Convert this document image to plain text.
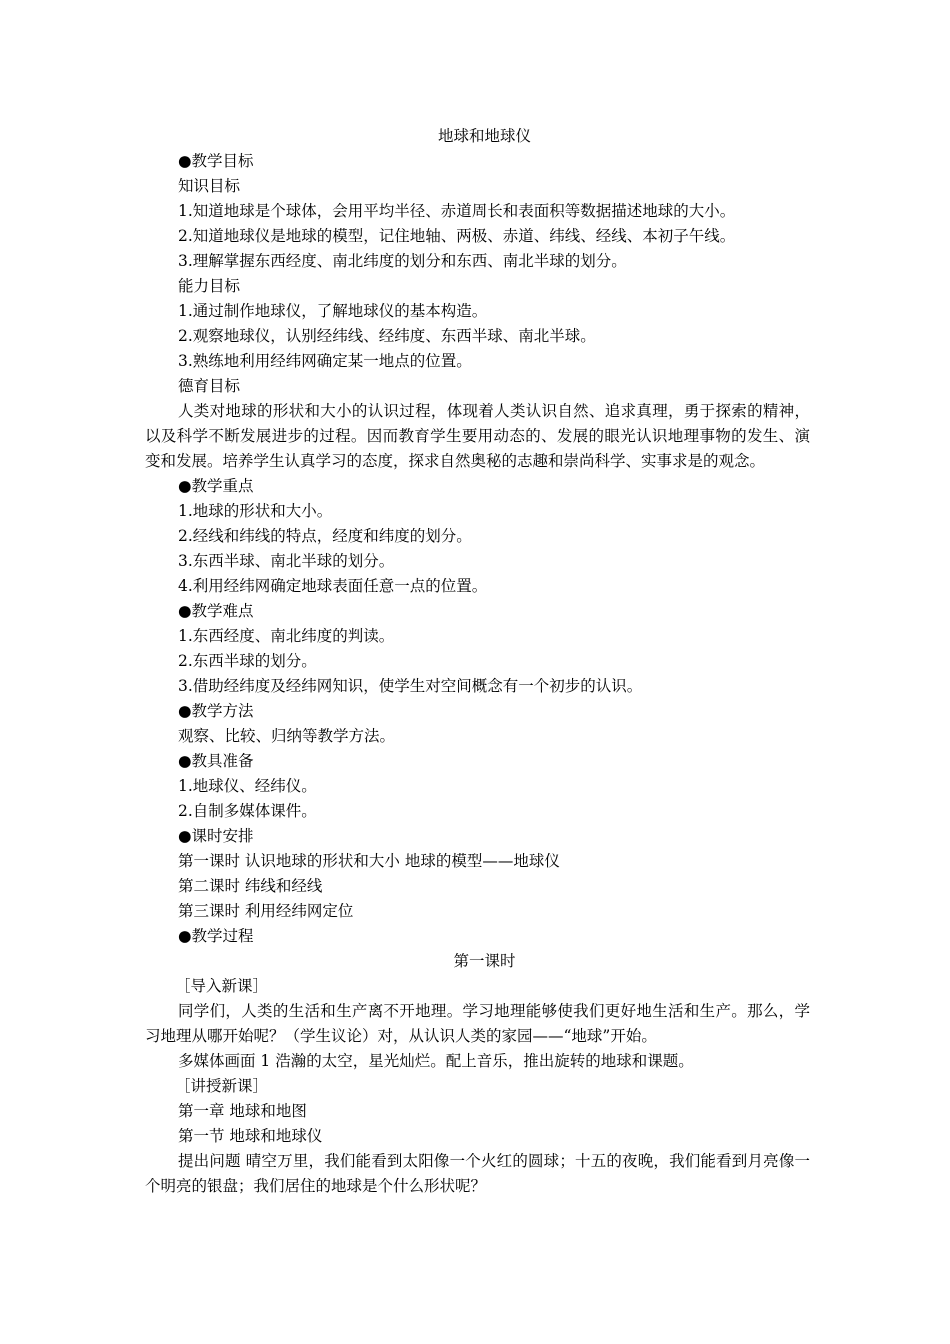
地球和地球仪
●教学目标
知识目标
1.知道地球是个球体，会用平均半径、赤道周长和表面积等数据描述地球的大小。
2.知道地球仪是地球的模型，记住地轴、两极、赤道、纬线、经线、本初子午线。
3.理解掌握东西经度、南北纬度的划分和东西、南北半球的划分。
能力目标
1.通过制作地球仪，了解地球仪的基本构造。
2.观察地球仪，认别经纬线、经纬度、东西半球、南北半球。
3.熟练地利用经纬网确定某一地点的位置。
德育目标
人类对地球的形状和大小的认识过程，体现着人类认识自然、追求真理，勇于探索的精神，以及科学不断发展进步的过程。因而教育学生要用动态的、发展的眼光认识地理事物的发生、演变和发展。培养学生认真学习的态度，探求自然奥秘的志趣和崇尚科学、实事求是的观念。
●教学重点
1.地球的形状和大小。
2.经线和纬线的特点，经度和纬度的划分。
3.东西半球、南北半球的划分。
4.利用经纬网确定地球表面任意一点的位置。
●教学难点
1.东西经度、南北纬度的判读。
2.东西半球的划分。
3.借助经纬度及经纬网知识，使学生对空间概念有一个初步的认识。
●教学方法
观察、比较、归纳等教学方法。
●教具准备
1.地球仪、经纬仪。
2.自制多媒体课件。
●课时安排
第一课时 认识地球的形状和大小 地球的模型——地球仪
第二课时 纬线和经线
第三课时 利用经纬网定位
●教学过程
第一课时
［导入新课］
同学们，人类的生活和生产离不开地理。学习地理能够使我们更好地生活和生产。那么，学习地理从哪开始呢？（学生议论）对，从认识人类的家园——“地球”开始。
多媒体画面 1 浩瀚的太空，星光灿烂。配上音乐，推出旋转的地球和课题。
［讲授新课］
第一章 地球和地图
第一节 地球和地球仪
提出问题 晴空万里，我们能看到太阳像一个火红的圆球；十五的夜晚，我们能看到月亮像一个明亮的银盘；我们居住的地球是个什么形状呢？
